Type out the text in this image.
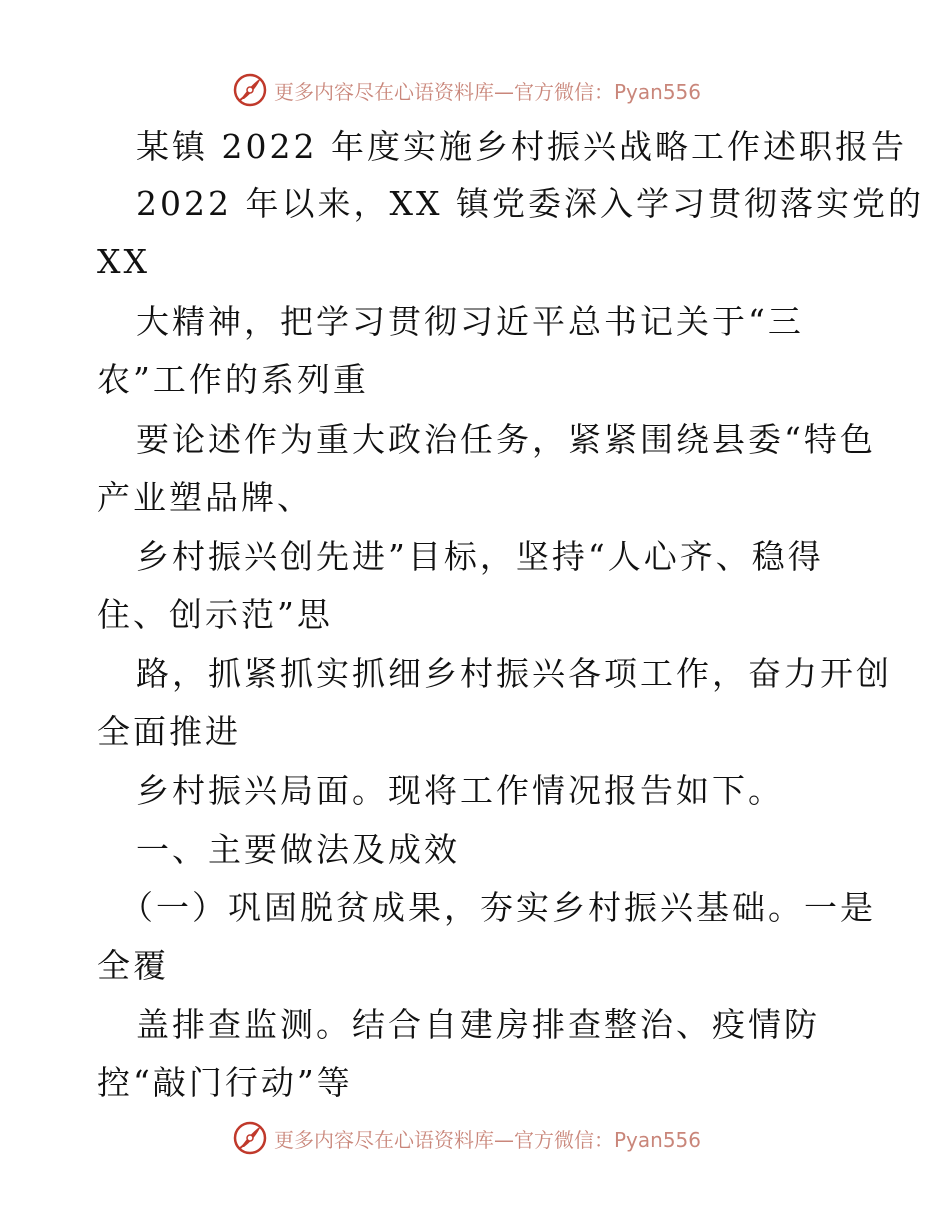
更多内容尽在心语资料库—官方微信：Pyan556
某镇 2022 年度实施乡村振兴战略工作述职报告
2022 年以来，XX 镇党委深入学习贯彻落实党的
XX
大精神，把学习贯彻习近平总书记关于“三
农”工作的系列重
要论述作为重大政治任务，紧紧围绕县委“特色
产业塑品牌、
乡村振兴创先进”目标，坚持“人心齐、稳得
住、创示范”思
路，抓紧抓实抓细乡村振兴各项工作，奋力开创
全面推进
乡村振兴局面。现将工作情况报告如下。
一、主要做法及成效
（一）巩固脱贫成果，夯实乡村振兴基础。一是
全覆
盖排查监测。结合自建房排查整治、疫情防
控“敲门行动”等
更多内容尽在心语资料库—官方微信：Pyan556
